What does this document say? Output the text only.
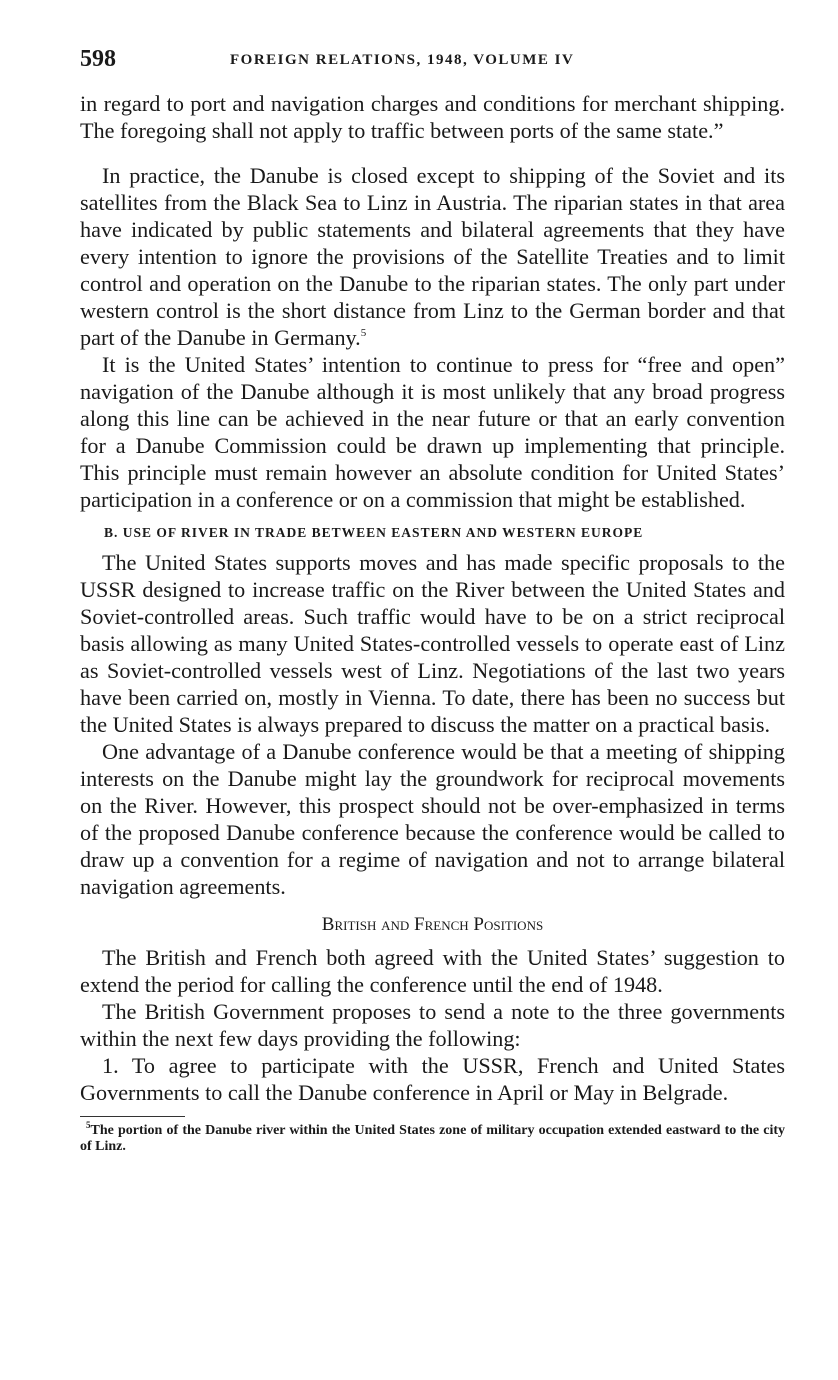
598	FOREIGN RELATIONS, 1948, VOLUME IV

in regard to port and navigation charges and conditions for merchant shipping. The foregoing shall not apply to traffic between ports of the same state.”

In practice, the Danube is closed except to shipping of the Soviet and its satellites from the Black Sea to Linz in Austria. The riparian states in that area have indicated by public statements and bilateral agreements that they have every intention to ignore the provisions of the Satellite Treaties and to limit control and operation on the Danube to the riparian states. The only part under western control is the short distance from Linz to the German border and that part of the Danube in Germany.$^5$

It is the United States’ intention to continue to press for “free and open” navigation of the Danube although it is most unlikely that any broad progress along this line can be achieved in the near future or that an early convention for a Danube Commission could be drawn up implementing that principle. This principle must remain however an absolute condition for United States’ participation in a conference or on a commission that might be established.

B. USE OF RIVER IN TRADE BETWEEN EASTERN AND WESTERN EUROPE

The United States supports moves and has made specific proposals to the USSR designed to increase traffic on the River between the United States and Soviet-controlled areas. Such traffic would have to be on a strict reciprocal basis allowing as many United States-controlled vessels to operate east of Linz as Soviet-controlled vessels west of Linz. Negotiations of the last two years have been carried on, mostly in Vienna. To date, there has been no success but the United States is always prepared to discuss the matter on a practical basis.

One advantage of a Danube conference would be that a meeting of shipping interests on the Danube might lay the groundwork for reciprocal movements on the River. However, this prospect should not be over-emphasized in terms of the proposed Danube conference because the conference would be called to draw up a convention for a regime of navigation and not to arrange bilateral navigation agreements.

British and French Positions

The British and French both agreed with the United States’ suggestion to extend the period for calling the conference until the end of 1948.

The British Government proposes to send a note to the three governments within the next few days providing the following:

1. To agree to participate with the USSR, French and United States Governments to call the Danube conference in April or May in Belgrade.

$^5$The portion of the Danube river within the United States zone of military occupation extended eastward to the city of Linz.
